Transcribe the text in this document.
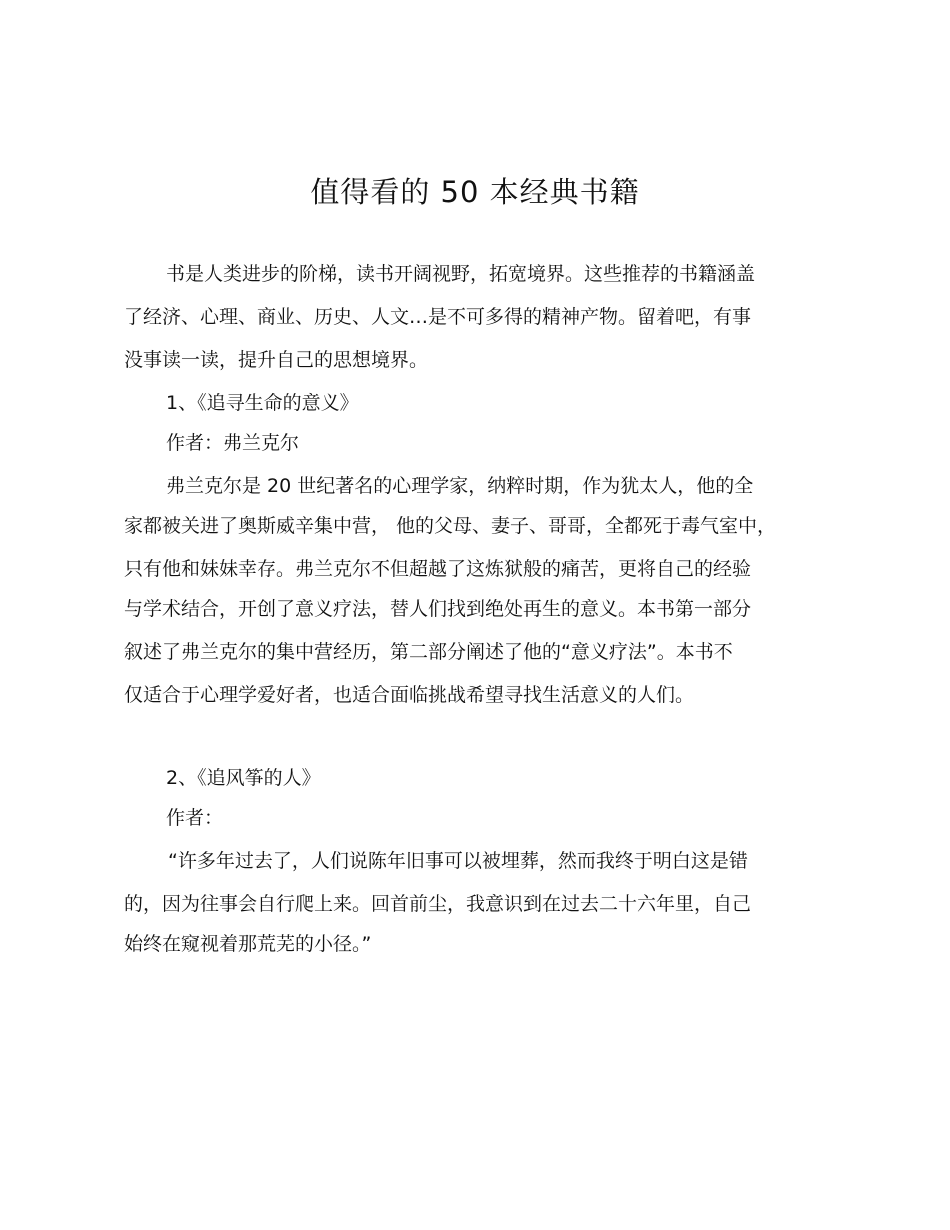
值得看的 50 本经典书籍
书是人类进步的阶梯，读书开阔视野，拓宽境界。这些推荐的书籍涵盖
了经济、心理、商业、历史、人文…是不可多得的精神产物。留着吧，有事
没事读一读，提升自己的思想境界。
1、《追寻生命的意义》
作者：弗兰克尔
弗兰克尔是 20 世纪著名的心理学家，纳粹时期，作为犹太人，他的全
家都被关进了奥斯威辛集中营， 他的父母、妻子、哥哥，全都死于毒气室中，
只有他和妹妹幸存。弗兰克尔不但超越了这炼狱般的痛苦，更将自己的经验
与学术结合，开创了意义疗法，替人们找到绝处再生的意义。本书第一部分
叙述了弗兰克尔的集中营经历，第二部分阐述了他的“意义疗法”。本书不
仅适合于心理学爱好者，也适合面临挑战希望寻找生活意义的人们。
2、《追风筝的人》
作者：
“许多年过去了，人们说陈年旧事可以被埋葬，然而我终于明白这是错
的，因为往事会自行爬上来。回首前尘，我意识到在过去二十六年里，自己
始终在窥视着那荒芜的小径。”
